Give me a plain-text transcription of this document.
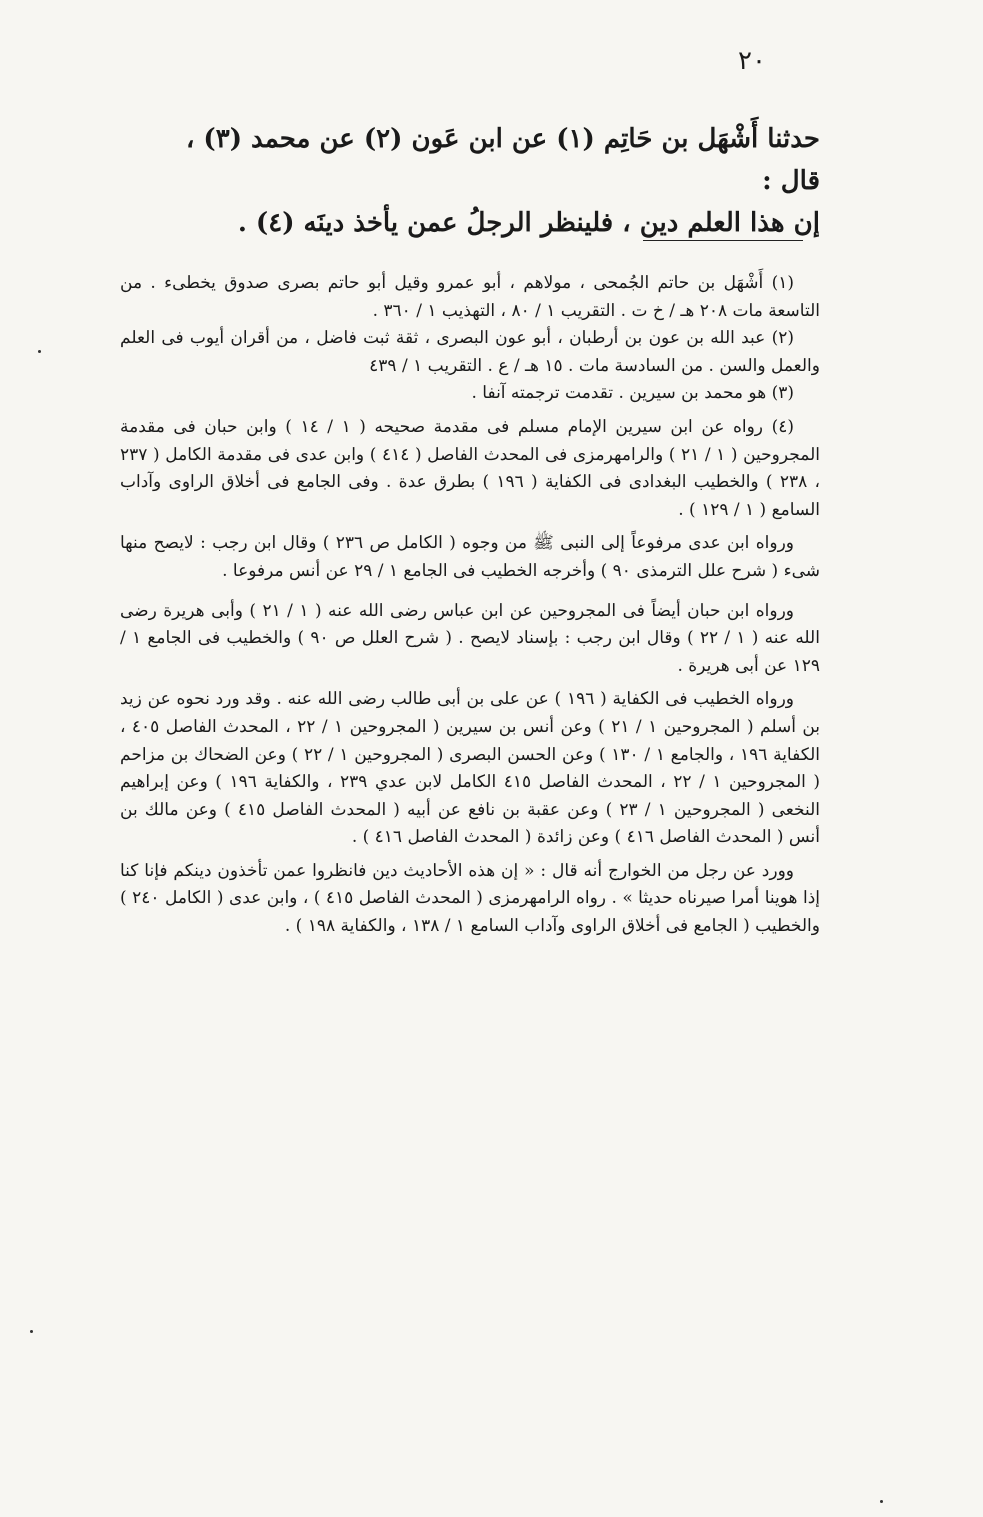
٢٠

حدثنا أَشْهَل بن حَاتِم (١) عن ابن عَون (٢) عن محمد (٣) ، قال :

إن هذا العلم دين ، فلينظر الرجلُ عمن يأخذ دينَه (٤) .

(١) أَشْهَل بن حاتم الجُمحى ، مولاهم ، أبو عمرو وقيل أبو حاتم بصرى صدوق يخطىء . من التاسعة مات ٢٠٨ هـ / خ ت . التقريب ١ / ٨٠ ، التهذيب ١ / ٣٦٠ .

(٢) عبد الله بن عون بن أرطبان ، أبو عون البصرى ، ثقة ثبت فاضل ، من أقران أيوب فى العلم والعمل والسن . من السادسة مات . ١٥ هـ / ع . التقريب ١ / ٤٣٩

(٣) هو محمد بن سيرين . تقدمت ترجمته آنفا .

(٤) رواه عن ابن سيرين الإمام مسلم فى مقدمة صحيحه ( ١ / ١٤ ) وابن حبان فى مقدمة المجروحين ( ١ / ٢١ ) والرامهرمزى فى المحدث الفاصل ( ٤١٤ ) وابن عدى فى مقدمة الكامل ( ٢٣٧ ، ٢٣٨ ) والخطيب البغدادى فى الكفاية ( ١٩٦ ) بطرق عدة . وفى الجامع فى أخلاق الراوى وآداب السامع ( ١ / ١٢٩ ) .

ورواه ابن عدى مرفوعاً إلى النبى ﷺ من وجوه ( الكامل ص ٢٣٦ ) وقال ابن رجب : لايصح منها شىء ( شرح علل الترمذى ٩٠ ) وأخرجه الخطيب فى الجامع ١ / ٢٩ عن أنس مرفوعا .

ورواه ابن حبان أيضاً فى المجروحين عن ابن عباس رضى الله عنه ( ١ / ٢١ ) وأبى هريرة رضى الله عنه ( ١ / ٢٢ ) وقال ابن رجب : بإسناد لايصح . ( شرح العلل ص ٩٠ ) والخطيب فى الجامع ١ / ١٢٩ عن أبى هريرة .

ورواه الخطيب فى الكفاية ( ١٩٦ ) عن على بن أبى طالب رضى الله عنه . وقد ورد نحوه عن زيد بن أسلم ( المجروحين ١ / ٢١ ) وعن أنس بن سيرين ( المجروحين ١ / ٢٢ ، المحدث الفاصل ٤٠٥ ، الكفاية ١٩٦ ، والجامع ١ / ١٣٠ ) وعن الحسن البصرى ( المجروحين ١ / ٢٢ ) وعن الضحاك بن مزاحم ( المجروحين ١ / ٢٢ ، المحدث الفاصل ٤١٥ الكامل لابن عدي ٢٣٩ ، والكفاية ١٩٦ ) وعن إبراهيم النخعى ( المجروحين ١ / ٢٣ ) وعن عقبة بن نافع عن أبيه ( المحدث الفاصل ٤١٥ ) وعن مالك بن أنس ( المحدث الفاصل ٤١٦ ) وعن زائدة ( المحدث الفاصل ٤١٦ ) .

وورد عن رجل من الخوارج أنه قال : « إن هذه الأحاديث دين فانظروا عمن تأخذون دينكم فإنا كنا إذا هوينا أمرا صيرناه حديثا » . رواه الرامهرمزى ( المحدث الفاصل ٤١٥ ) ، وابن عدى ( الكامل ٢٤٠ ) والخطيب ( الجامع فى أخلاق الراوى وآداب السامع ١ / ١٣٨ ، والكفاية ١٩٨ ) .
